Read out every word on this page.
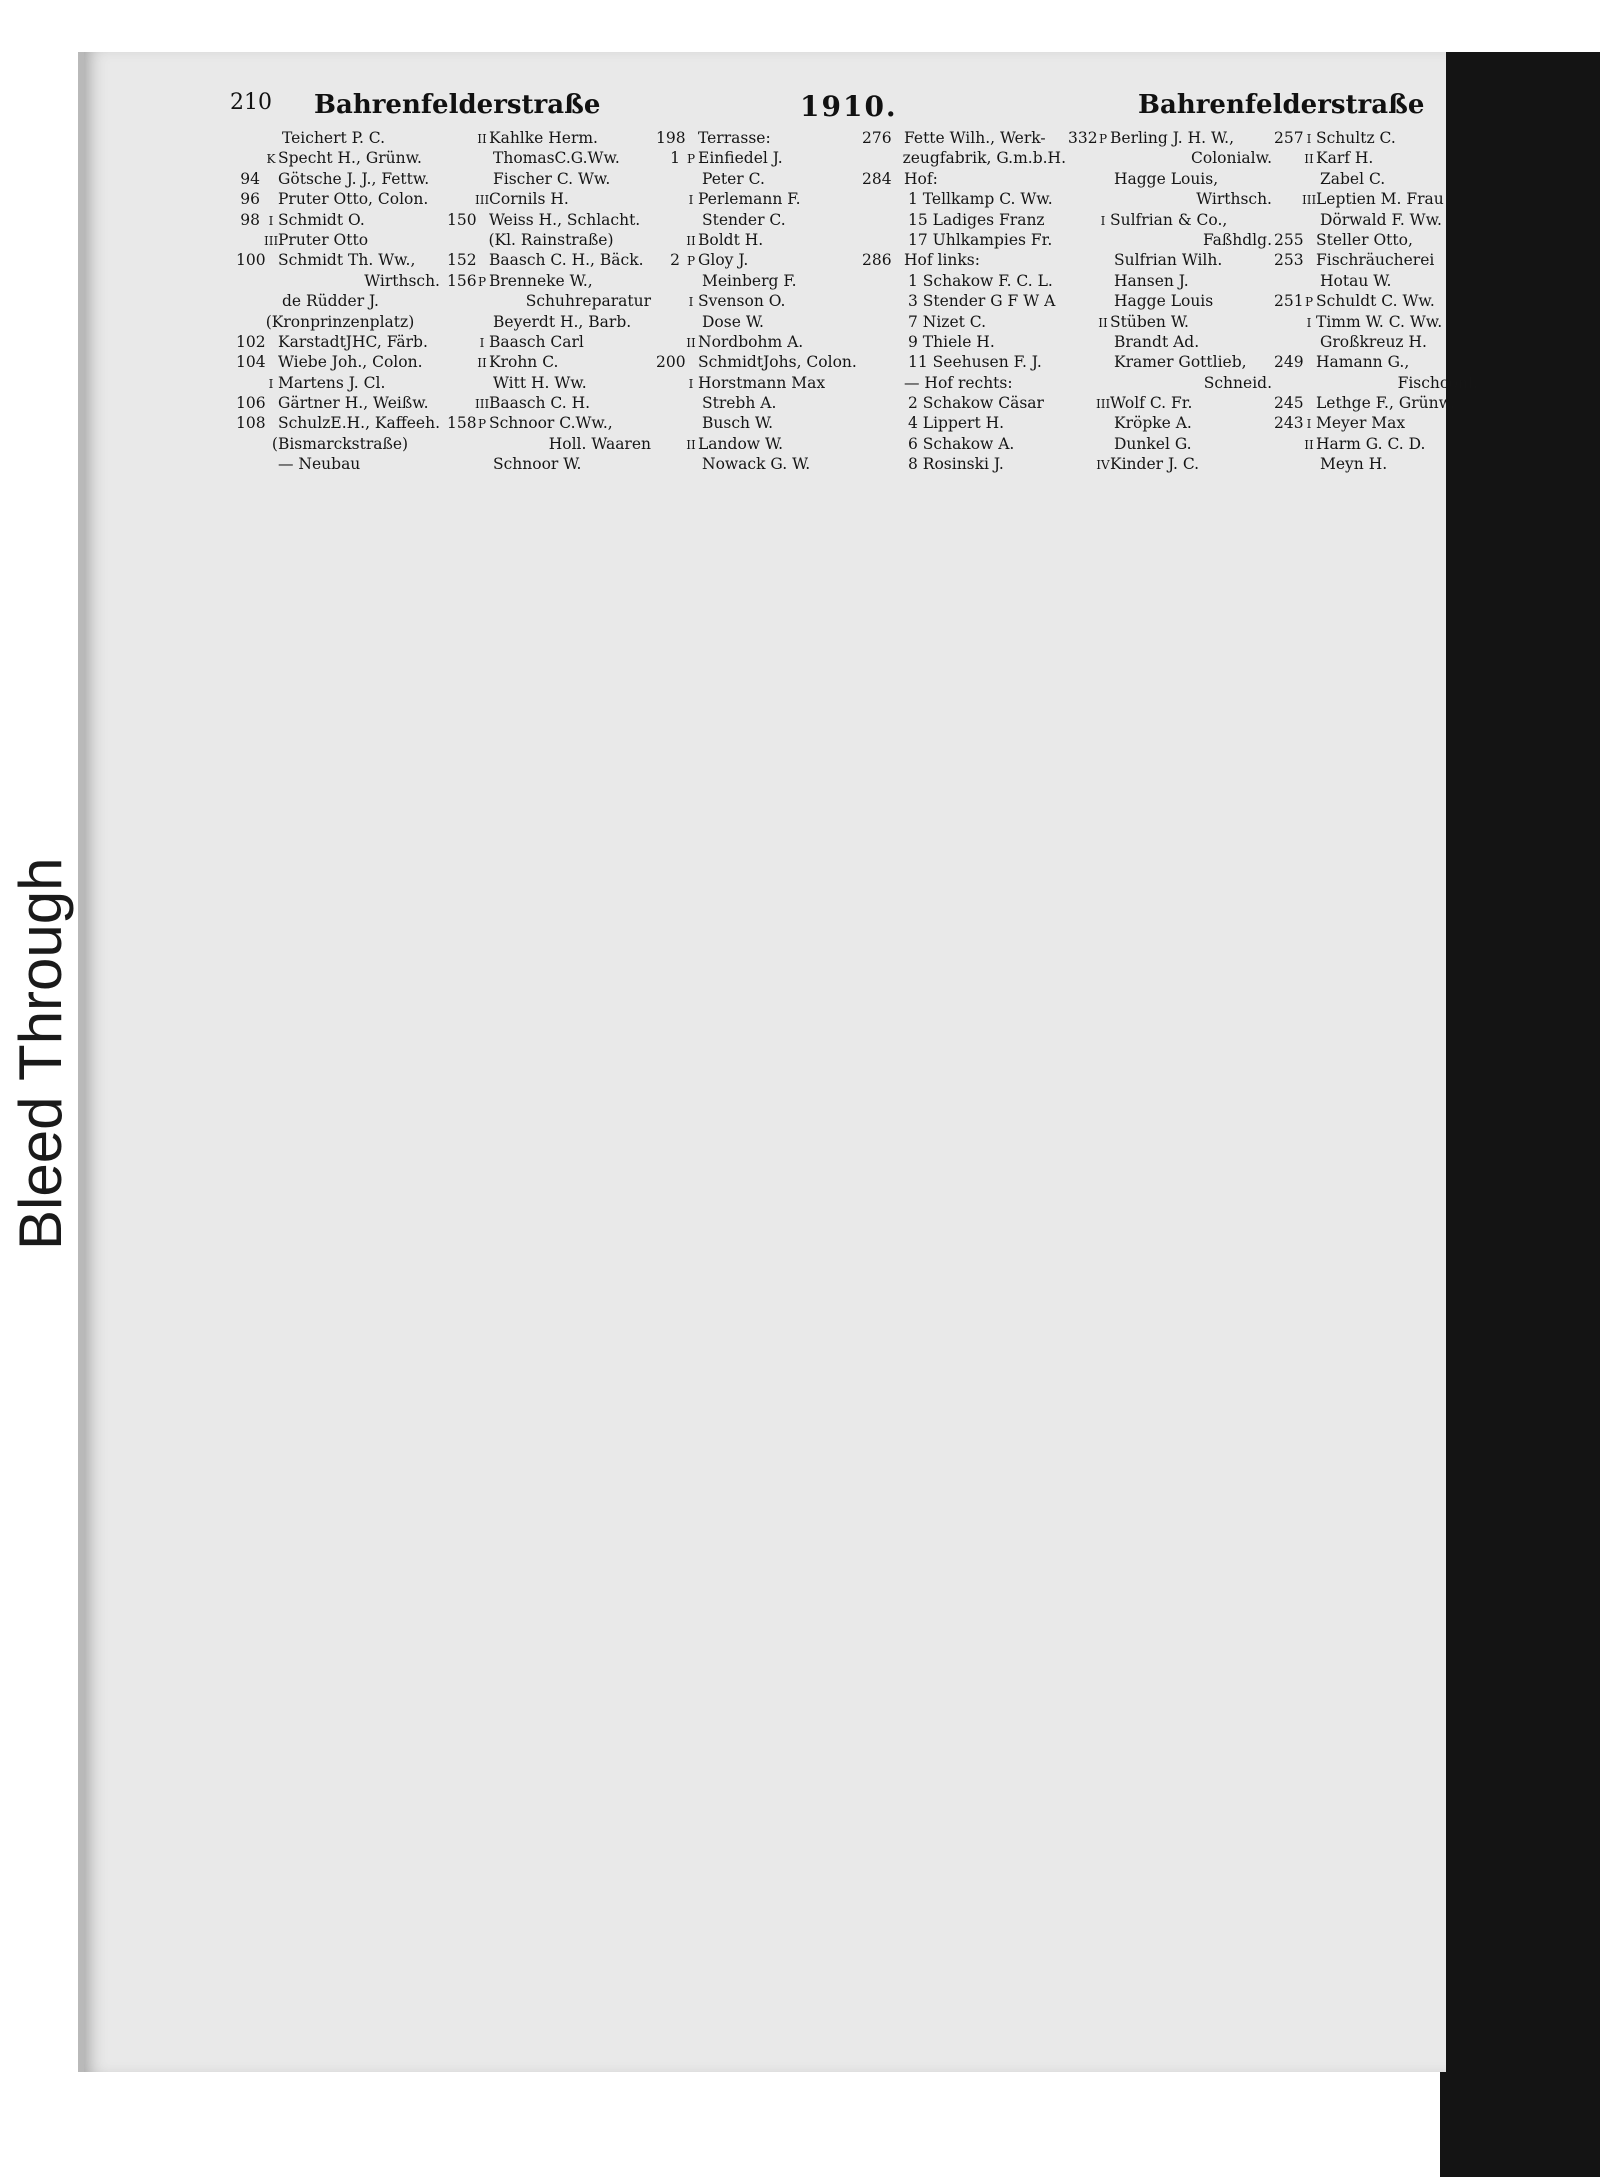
Bleed Through
210 Bahrenfelderstraße	1910.	Bahrenfelderstraße
Teichert P. C.
K Specht H., Grünw.
94 Götsche J. J., Fettw.
96 Pruter Otto, Colon.
98 I Schmidt O.
IIIPruter Otto
100 Schmidt Th. Ww.,
Wirthsch.
de Rüdder J.
(Kronprinzenplatz)
102 KarstadtJHC, Färb.
104 Wiebe Joh., Colon.
I Martens J. Cl.
106 Gärtner H., Weißw.
108 SchulzE.H., Kaffeeh.
(Bismarckstraße)
— Neubau
II Kahlke Herm.
ThomasC.G.Ww.
Fischer C. Ww.
IIICornils H.
150 Weiss H., Schlacht.
(Kl. Rainstraße)
152 Baasch C. H., Bäck.
156P Brenneke W.,
Schuhreparatur
Beyerdt H., Barb.
I Baasch Carl
II Krohn C.
Witt H. Ww.
IIIBaasch C. H.
158P Schnoor C.Ww.,
Holl. Waaren
Schnoor W.
198 Terrasse:
1 P Einfiedel J.
Peter C.
I Perlemann F.
Stender C.
II Boldt H.
2 P Gloy J.
Meinberg F.
I Svenson O.
Dose W.
II Nordbohm A.
200 SchmidtJohs, Colon.
I Horstmann Max
Strebh A.
Busch W.
II Landow W.
Nowack G. W.
276 Fette Wilh., Werk-
zeugfabrik, G.m.b.H.
284 Hof:
1 Tellkamp C. Ww.
15 Ladiges Franz
17 Uhlkampies Fr.
286 Hof links:
1 Schakow F. C. L.
3 Stender G F W A
7 Nizet C.
9 Thiele H.
11 Seehusen F. J.
— Hof rechts:
2 Schakow Cäsar
4 Lippert H.
6 Schakow A.
8 Rosinski J.
332P Berling J. H. W.,
Colonialw.
Hagge Louis,
Wirthsch.
I Sulfrian & Co.,
Faßhdlg.
Sulfrian Wilh.
Hansen J.
Hagge Louis
II Stüben W.
Brandt Ad.
Kramer Gottlieb,
Schneid.
IIIWolf C. Fr.
Kröpke A.
Dunkel G.
IVKinder J. C.
257 I Schultz C.
II Karf H.
Zabel C.
IIILeptien M. Frau
Dörwald F. Ww.
255 Steller Otto,
253 Fischräucherei
Hotau W.
251P Schuldt C. Ww.
I Timm W. C. Ww.
Großkreuz H.
249 Hamann G.,
Fischconf.
245 Lethge F., Grünw.
243 I Meyer Max
II Harm G. C. D.
Meyn H.
